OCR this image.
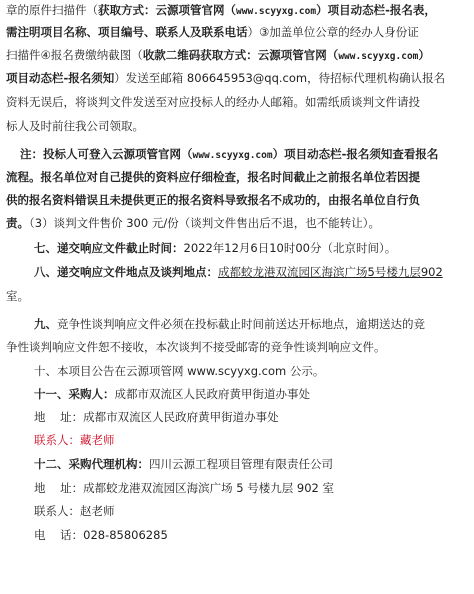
章的原件扫描件（获取方式：云源项管官网（www.scyyxg.com）项目动态栏-报名表，
需注明项目名称、项目编号、联系人及联系电话）③加盖单位公章的经办人身份证
扫描件④报名费缴纳截图（收款二维码获取方式：云源项管官网（www.scyyxg.com）
项目动态栏-报名须知）发送至邮箱 806645953@qq.com，待招标代理机构确认报名
资料无误后，将谈判文件发送至对应投标人的经办人邮箱。如需纸质谈判文件请投
标人及时前往我公司领取。
注：投标人可登入云源项管官网（www.scyyxg.com）项目动态栏-报名须知查看报名
流程。报名单位对自己提供的资料应仔细检查，报名时间截止之前报名单位若因提
供的报名资料错误且未提供更正的报名资料导致报名不成功的，由报名单位自行负
责。（3）谈判文件售价 300 元/份（谈判文件售出后不退，也不能转让）。
七、递交响应文件截止时间：2022年12月6日10时00分（北京时间）。
八、递交响应文件地点及谈判地点：成都蛟龙港双流园区海滨广场5号楼九层902
室。
九、竞争性谈判响应文件必须在投标截止时间前送达开标地点，逾期送达的竞
争性谈判响应文件恕不接收，本次谈判不接受邮寄的竞争性谈判响应文件。
十、本项目公告在云源项管网 www.scyyxg.com 公示。
十一、采购人：成都市双流区人民政府黄甲街道办事处
地    址：成都市双流区人民政府黄甲街道办事处
联系人：藏老师
十二、采购代理机构：四川云源工程项目管理有限责任公司
地    址：成都蛟龙港双流园区海滨广场 5 号楼九层 902 室
联系人：赵老师
电    话：028-85806285
